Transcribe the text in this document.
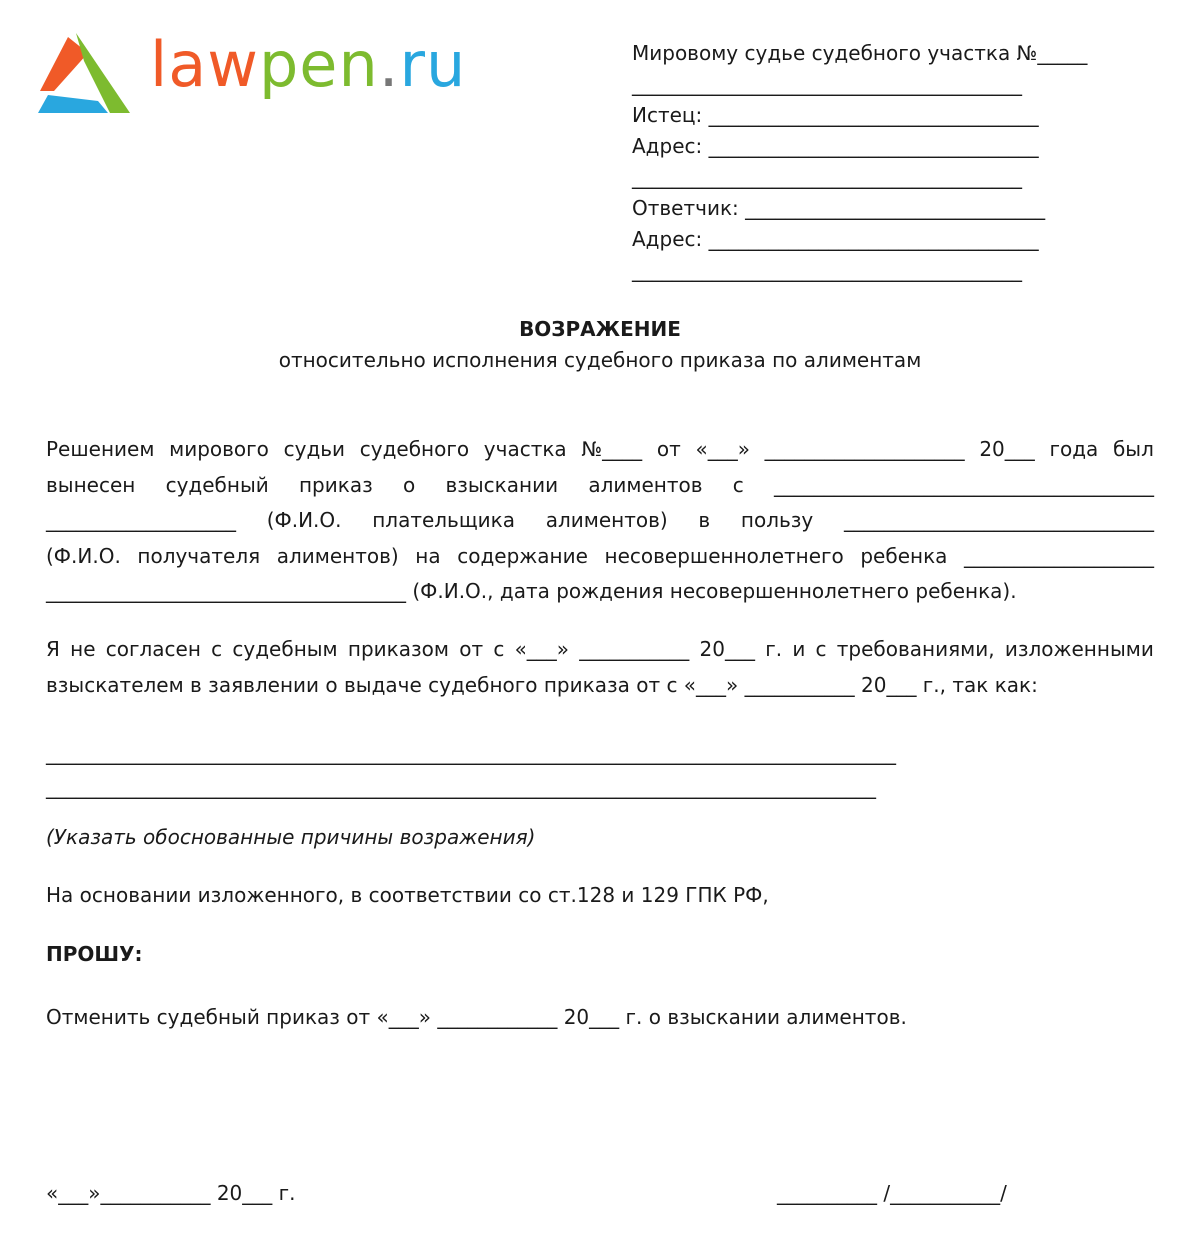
lawpen.ru	Мировому судье судебного участка №_____
_______________________________________
Истец: _________________________________
Адрес: _________________________________
_______________________________________
Ответчик: ______________________________
Адрес: _________________________________
_______________________________________
ВОЗРАЖЕНИЕ
относительно исполнения судебного приказа по алиментам
Решением мирового судьи судебного участка №____ от «___» ____________________ 20___ года был
вынесен судебный приказ о взыскании алиментов с ______________________________________
___________________ (Ф.И.О. плательщика алиментов) в пользу _______________________________
(Ф.И.О. получателя алиментов) на содержание несовершеннолетнего ребенка ___________________
____________________________________ (Ф.И.О., дата рождения несовершеннолетнего ребенка).
Я не согласен с судебным приказом от с «___» ___________ 20___ г. и с требованиями, изложенными
взыскателем в заявлении о выдаче судебного приказа от с «___» ___________ 20___ г., так как:
_____________________________________________________________________________________
___________________________________________________________________________________
(Указать обоснованные причины возражения)
На основании изложенного, в соответствии со ст.128 и 129 ГПК РФ,
ПРОШУ:
Отменить судебный приказ от «___» ____________ 20___ г. о взыскании алиментов.
«___»___________ 20___ г.	__________ /___________/
